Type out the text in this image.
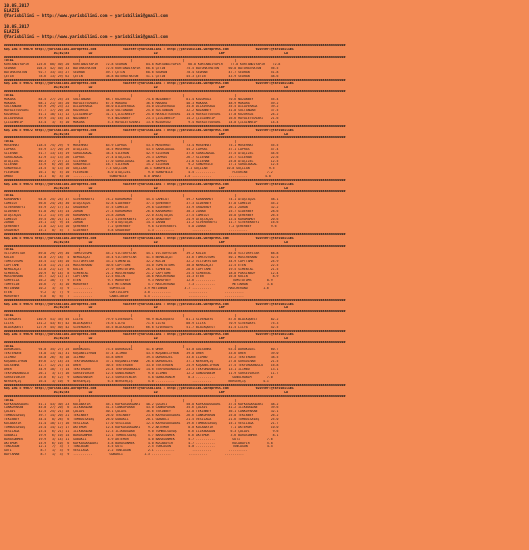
10.05.2017
ELAZIĞ
@Yarisbilimi — http://www.yarisbilimi.com — yarisbilimi@gmail.com
10.05.2017
ELAZIĞ
@Yarisbilimi — http://www.yarisbilimi.com — yarisbilimi@gmail.com
##################################################################################################################################################################################
KOŞ İNG = 99670 http://yarisbilimi.wordpress.com              twitter:@Yarisbilimi : http://yarisbilimi.wordpress.com              twitter:@Yarisbilimi
#1/#2/#3          LD                                LD                                LBP                               LD
##################################################################################################################################################################################
TOTAL                                  |                          |                          |                          |
KURTANDIYAPİR    125.6  80/ 40/ 20  KURTANDIYAPİR    72.8 SEDHAN          84.8 KURTANDIYAPİR    68.8 KURTANDIYAPİR    77.8 KURTANDIYAPİR    72.8
SEDHAN           104.5  42/ 40/ 33  BATUHATHATUN     72.6 KURTANDIYAPİR   68.8 ÇETİN           75.5 BATUHATHATUN     60.8 BATUHATHATUN     56.5
BATUHATHATUN      92.7  33/ 33/ 27  SEDHAN           49.7 ÇETİN           68.6 SEDHAN          70.4 SEDHAN           47.7 SEDHAN           51.8
ÇETİN             78.6  13/ 29/ 62  ÇETİN            38.8 BATUHATHATUN    51.1 ÇETİN           45.3 ÇETİN            43.9 SEDHAN           48.6
##################################################################################################################################################################################
KOŞ İNG = 99671 http://yarisbilimi.wordpress.com              twitter:@Yarisbilimi : http://yarisbilimi.wordpress.com              twitter:@Yarisbilimi
#1/#2/#3          LD                                LD                                LBP                               LD
##################################################################################################################################################################################
TOTAL                                  |                          |                          |                          |
MAKARA            84.5  27/ 25/ 25  SULTANDAN        68.7 KUZURSUZ        74.8 NOZANBEY        81.4 KUZURSUZ         70.6 NOZANBEY         55.4
MAKARA            68.1  21/ 35/ 20  HAYALETSÜVARİ    67.5 MAKARA          36.6 MAKARA          48.3 MAKARA           48.9 MAKARA           49.2
SULTANDAN         65.9  29/ 23/ 22  DİLAVERAĞA       46.0 DİLAVERAĞA      34.0 DİLAVERAĞA      34.6 DİLAVERAĞA       35.5 DİLAVERAĞA       39.2
HAYALETSÜVARİ     57.7  17/ 20/ 20  KUZURSUZ         34.0 SULTANDAN       25.0 SULTANDAN       32.2 NOZANBEY         31.8 SULTANDAN        37.5
KUZURSUZ          51.1  18/ 11/ 12  ÇİLGINREIP       31.1 ÇİLGINREIP      25.0 HAYALETSÜVARİ   14.4 HAYALETSÜVARİ    17.0 KUZURSUZ         24.2
DİLAVERAĞA        49.9  14/ 16/ 14  NOZANBEY          9.4 NOZANBEY        23.3 ÇİLGINREIP      14.2 ÇİLGINREIP       16.6 HAYALETSÜVARİ    21.6
ÇİLGINREIP        43.4   3/  5/ 10  MAKARA            5.3 HAYALETSÜVARİ   13.6 KUZURSUZ         9.4 HAYALETSÜVARİ    14.8 ÇİLGINREIP       14.4
##################################################################################################################################################################################
KOŞ İNG = 99672 http://yarisbilimi.wordpress.com              twitter:@Yarisbilimi : http://yarisbilimi.wordpress.com              twitter:@Yarisbilimi
#1/#2/#3          LD                                LD                                LBP                               LD
##################################################################################################################################################################################
TOTAL                                  |                          |                          |                          |
MÜSEHHAT         118.5  75/ 29/  9  MÜSEHHAT         83.9 LAPRAS          53.5 MÜSEHHAT        73.4 MÜSEHHAT         75.1 MÜSEHHAT         55.5
LAPRAS            55.9  17/ 20/ 29  ATAÇIZEL         34.5 MÜSEHHAT        43.5 SARACAOĞAL      45.2 LAPRAS           37.1 LAPRAS           47.4
SİLEHAN           51.7  13/ 15/ 19  SARACAOĞAL       34.4 SİLEHAN         42.9 SİLEHAN         37.6 SARACAOĞAL       37.5 ATAÇIZEL         44.6
SARACAOĞAL        42.9  11/ 13/ 26  LAPRAS           27.4 ATAÇIZEL        25.3 LAPRAS          26.7 SİLEHAN          25.7 SİLEHAN          22.6
ATAÇIZEL          40.3   7/ 27/ 22  SİLEHAN          17.0 SARACAOĞAL      16.6 LAPRAS          21.8 SİLEHAN          25.0 ATAÇIZEL         12.5
SİLEHAN           33.9   6/ 20/ 16  SUNOFNILE        16.7 SİLEHAN         15.2 SİLEHAN          9.2 SUNOFNILE        17.1 SARACAOĞAL       12.5
SUNOFNILE         24.5   4/ 13/ 10  GÜÇLİAN          7.3 GÜÇLİAN         10.1 SUNOFNILE        8.1 GÜÇLİAN          10.8 GÜÇLİAN          9.5
FLEURINE          16.1   8/  5/ 10  FLEURINE          8.0 ATAÇIZEL         9.0 SUNOFNILE        4.5 ..........         FLEURINE          7.2
AMBAT             14.1   8/  4/ 10  ..........         SUNOFNILE         8.0 AMBAT            1.5 ..........         ..........         4.8
##################################################################################################################################################################################
KOŞ İNG = 99673 http://yarisbilimi.wordpress.com              twitter:@Yarisbilimi : http://yarisbilimi.wordpress.com              twitter:@Yarisbilimi
#1/#2/#3          LD                                LD                                LBP                               LD
##################################################################################################################################################################################
TOTAL                                  |                          |                          |                          |
KARAMAMUT         64.6  25/ 24/ 37  SİVEREKBEYİ      74.2 KARAMAMUT       45.4 CAMELOT         49.7 KARAMAMUT        74.1 ATAŞTAÇOS        58.1
CAMELOT           56.6  24/ 24/ 30  ATAŞTAÇOS        52.8 GİDERBEY        37.3 ŞEHERBEY        37.3 GİDERBEY         47.8 CAMELOT          45.2
SİVEREKBEYİ       55.9  22/ 17/ 32  GRADEBOY         47.5 CAMELOT         29.8 GİDERBEY        33.9 GRADEBOY         26.1 ZAHAN            32.2
GİDERBEY          51.8  26/ 15/ 14  ZAHAN            27.3 KARAMAMUT       26.8 KARAMAMUT       30.3 ZAHAN            25.7 GİDERBEY         28.6
ATAŞTAÇOS         51.2  11/ 19/ 20  KARAMAMUT        23.8 ZAHAN           22.0 ATAŞTAÇOS       27.5 CAMELOT          16.8 ŞEHERBEY         26.5
CAMELOT           39.5  20/ 21/ 11  CAMELOT          11.2 SİVEREKBEYİ     27.8 GRADEBOY        24.9 ATAŞTAÇOS        13.4 KARAMAMUT        20.6
ZAHAN             25.1  13/  9/ 14  ZAHAN             7.9 ATAŞTAÇOS       14.3 ZAHAN           11.2 SİVEREKBEYİ      11.7 SİVEREKBEYİ      16.6
ŞEHERBEY          21.8  12/ 13/ 10  ŞEHERBEY          7.2 ŞEHERBEY         9.8 SİVEREKBEYİ      5.8 ZAHAN            7.2 ŞEHERBEY          9.6
GRADEBOY          15.1   8/  5/  7  GİDERBEY          5.8 GRADEBOY         1.3 ..........         ..........         ..........
##################################################################################################################################################################################
KOŞ İNG = 99674 http://yarisbilimi.wordpress.com              twitter:@Yarisbilimi : http://yarisbilimi.wordpress.com              twitter:@Yarisbilimi
#1/#2/#3          LD                                LD                                LBP                               LD
##################################################################################################################################################################################
TOTAL                                  |                          |                          |                          |
VICTORYSTAR       89.8  29/ 29/ 30  TOMSTOTOMS       45.2 VICTORYSTAR     45.1 VICTORYSTAR     39.2 KULİN            85.8 VICTORYSTAR      68.8
KULİN             54.0  27/ 18/  4  NEMALAÇAT        35.4 VICTORYSTAR     41.5 NEMALAÇAT       33.6 TOMSTOTOMS       50.1 MASCHERANO       52.5
TOMSTOTOMS        35.5  11/ 16/ 10  VICTORYSTAR      33.2 SİMENTAL        32.2 KULİN           32.2 VICTORYSTAR      34.9 CAPTTAME         24.9
CAPTTAME          43.0  11/ 21/ 24  MASCHERANO       30.6 CAPTTAME        34.0 TOMSTOTOMS      30.0 NEMALAÇAT        22.5 ETEN             22.5
NEMALAÇAT         33.8  21/ 12/  6  KULİN            27.9 TOMSTOTOMS      26.1 SİMENTAL        28.6 CAPTTAME         19.5 SİMENTAL         21.5
SİMENTAL          20.9   6/ 14/  8  SİMENTAL         21.2 MASCHERANO      21.2 CAPTTAME        25.5 SİMENTAL         18.8 PAKSİNEDF        12.4
MASCHERANO        36.7  12/ 11/ 17  CAPTTAME         12.5 KULİN           10.6 MASCHERANO      14.3 ETEN             16.0 KULİN             8.9
SUMYELİA          16.2  10/  7/  9  ETEN              9.7 MARUFBEY         9.3 MARUFBEY        12.6 ..........         TOMSTOTOMS        8.9
TOMYELİN          16.6   7/  4/ 10  MARUFBEY          8.5 METİNHAN         5.7 MASCHERANO       7.3 ..........         METİNHAN          3.8
METİNHAN          10.2   3/  3/  9  ..........         SUMYELİA          3.9 METİNHAN         3.7 ..........         MASCHERANO        1.6
ETEN               9.2   3/  7/  9  ..........         CURTİSLOPE        3.0 ..........         ..........         ..........
MARUFBEY           6.8   0/  6/  7  ..........         CANELIBEDF        4.5 ..........         ..........         ..........
##################################################################################################################################################################################
KOŞ İNG = 99675 http://yarisbilimi.wordpress.com              twitter:@Yarisbilimi : http://yarisbilimi.wordpress.com              twitter:@Yarisbilimi
#1/#2/#3          LD                                LD                                LBP                               LD
##################################################################################################################################################################################
TOTAL                                  |                          |                          |                          |
SİVERDAYS        140.9  51/ 35/ 55  LİLYA            79.9 SİVERDAYS       90.9 BLACKQUEST      81.1 SİVERDAYS        87.6 BLACKQUEST       82.2
LİLYA            131.2  43/ 67/ 42  BLACKQUEST       74.6 LİLYA           71.6 LİLYA           80.9 LİLYA            70.9 SİVERDAYS        75.3
BLACKQUEST       127.9  45/ 40/ 42  SİVERDAYS        45.5 BLACKQUEST      66.6 SİVERDAYS       51.7 BLACKQUEST       41.5 LİLYA            42.5
##################################################################################################################################################################################
KOŞ İNG = 99676 http://yarisbilimi.wordpress.com              twitter:@Yarisbilimi : http://yarisbilimi.wordpress.com              twitter:@Yarisbilimi
#1/#2/#3          LD                                LD                                LBP                               LD
##################################################################################################################################################################################
TOTAL                                  |                          |                          |                          |
DORUKÜZEL         94.0  35/ 27/ 25  DORUKÜZEL        73.5 DORUKÜZEL       41.6 OHER            43.0 GÜLSENHA         63.4 DORUKÜZEL        60.7
TEKTERDEN         74.8  13/ 31/ 31  KOŞANELİFHAN     47.4 İLİMBU          43.5 KOŞANELİFHAN    39.8 OHER             33.6 OHER             39.0
İLİMBU            58.0  26/  8/ 18  İLİMBU           43.8 OHER            39.4 DORUKÜZEL       33.6 İLİMBU           33.2 TEKTERDEN        38.5
KOŞANELİFHAN      49.6  17/ 14/ 24  TEKFORDUNOĞLU    37.1 KOŞANELİFHAN    26.8 DORUKÜZEL       37.1 NERSEHÇİŞ        27.8 GÜRGÜLHAN        21.5
GÜLSENHA          41.7  12/ 21/ 14  OHER             30.5 TEKTERDEN       33.0 TEKTERDEN       25.9 KOŞANELİFHAN     27.5 TEKFORDUNOĞLU    16.8
OHER              34.9  10/  7/ 14  TEKTERDEN        23.4 TEKFORDUNOĞLU   14.6 TEKFORDUNOĞLU   23.5 TEKFORDUNOĞLU    13.1 İLİMBU           13.1
TEKFORDUNOĞLU     26.1   3/ 17/ 16  SORSEVİNCER      12.5 GÖNÜLHANIM       9.0 İLİMBU          12.2 GÖNÜLHANIM       11.9 SORSEVİNCER      11.7
SORSEVİNCER       25.6   6/ 12/  9  GÖNÜLHANIM       12.3 SORSEVİNCER      5.8 GÖNÜLHANIM       8.3 ..........         GÖNÜLHANIM        7.0
NERSEHÇİŞ         16.4   3/ 10/  9  NERSEHÇİŞ         6.5 NERSEHÇİŞ        5.0 ..........         ..........         NERSEHÇİŞ         4.1
##################################################################################################################################################################################
KOŞ İNG = 99677 http://yarisbilimi.wordpress.com              twitter:@Yarisbilimi : http://yarisbilimi.wordpress.com              twitter:@Yarisbilimi
#1/#2/#3          LD                                LD                                LBP                               LD
##################################################################################################################################################################################
TOTAL                                  |                          |                          |                          |
KAFKASDUĞDARI     51.1  43/ 30/ 23  KOCABAYIR        45.1 KAFKASDUĞDARI   48.2 ÇOLAVİ          50.8 KAFKASDUĞDARI    37.4 KAFKASDUĞDARI    48.2
CANKOPARAN        45.0  27/ 20/  6  İLİKBOĞDAN       41.3 CANKOPARAN      43.0 CANKOPARAN      35.6 ÇOLAVİ           41.2 İLİKBOĞDAN       39.6
ÇOLAVİ            42.5  25/ 21/ 18  ÇOLAVİ           40.1 ÇOLAVİ          36.6 TEKİNBEY        32.8 TEKİNBEY         36.1 CANKOPARAN       32.1
TUMBULSAVAŞ       39.7  14/ 20/ 21  TEKİNBEY         26.0 TEKİNBEY        23.6 KAFKASDUĞDARI   26.6 CANKOPARAN       25.8 TEKİNBEY         26.2
TEKİNBEY          34.4   8/ 26/  6  TUMBULSAVAŞ      26.0 GOBAKLI         20.1 GOBAKLI         21.5 VESİLAĞA         21.6 TUMBULSAVAŞ      25.0
KOCABAYIR         31.4  10/ 17/ 16  VESİLAĞA         17.0 VESİLAĞA        12.4 KAFKASDUĞDARI   19.6 TUMBULSAVAŞ      15.1 VESİLAĞA         21.7
TUMBULSAVAŞ       25.4  14/ 12/ 17  AKTEMUR          12.4 KAFKASDUĞDARI    9.2 AKTEMUR          8.0 KOCABAYIR         7.1 AKTEMUR          10.0
VESİLAĞA          23.4   6/ 21/ 11  İLİKBOĞDAN       12.3 İLİKBOĞDAN       9.0 TUMBULSAVAŞ      6.6 İLİKBOĞDAN        6.3 ÇOLAVİ            9.6
GOBAKLI           19.9   6/ 10/ 14  BARASONMEK       12.1 TUMBULSAVAŞ      5.7 BARASONMEK       6.6 AKTEMUR           3.6 BARASONMEK        8.1
BARASONMEK        19.9   3/ 14/ 11  GOBAKLI           4.9 AKTEMUR          4.0 BARASONMEK       5.7 ..........         GUTİ              7.6
AKTEMUR           15.9   6/ 10/  6  KAFKASDUĞDARI     4.8 BARASONMEK       4.0 KOCABAYIR        4.7 ..........         KOCABAYIR         5.8
TUNCAGUN          12.1   7/  3/  7  TUNCAGUN          4.5 GUTİ             2.5 TUNCAGUN         4.0 ..........         TUNCAGUN          4.4
GUTİ               8.7   1/  3/  9  VESİLAĞA          2.2 TUNCAGUN         2.1 ..........         ..........         ..........
BAYTAMAN           8.7   1/  3/  9  ..........         GOBAKLI           1.3 ..........         ..........         ..........
